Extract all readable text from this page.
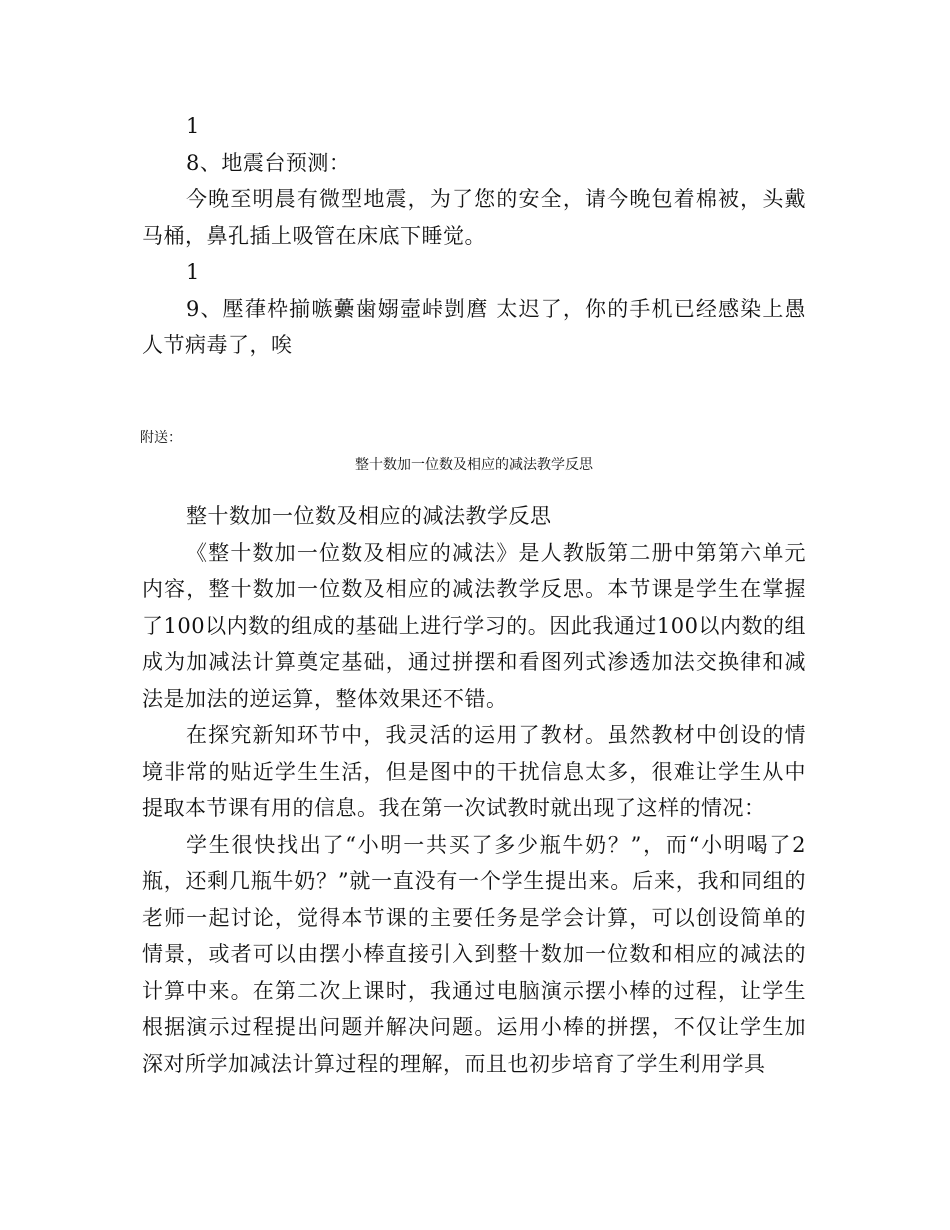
1

8、地震台预测：

今晚至明晨有微型地震，为了您的安全，请今晚包着棉被，头戴马桶，鼻孔插上吸管在床底下睡觉。

1

9、壓葎枠揃嗾虆歯嫋壼峠剴麿 太迟了，你的手机已经感染上愚人节病毒了，唉

附送：
整十数加一位数及相应的减法教学反思

整十数加一位数及相应的减法教学反思

《整十数加一位数及相应的减法》是人教版第二册中第第六单元内容，整十数加一位数及相应的减法教学反思。本节课是学生在掌握了100以内数的组成的基础上进行学习的。因此我通过100以内数的组成为加减法计算奠定基础，通过拼摆和看图列式渗透加法交换律和减法是加法的逆运算，整体效果还不错。

在探究新知环节中，我灵活的运用了教材。虽然教材中创设的情境非常的贴近学生生活，但是图中的干扰信息太多，很难让学生从中提取本节课有用的信息。我在第一次试教时就出现了这样的情况：

学生很快找出了“小明一共买了多少瓶牛奶？”，而“小明喝了2瓶，还剩几瓶牛奶？”就一直没有一个学生提出来。后来，我和同组的老师一起讨论，觉得本节课的主要任务是学会计算，可以创设简单的情景，或者可以由摆小棒直接引入到整十数加一位数和相应的减法的计算中来。在第二次上课时，我通过电脑演示摆小棒的过程，让学生根据演示过程提出问题并解决问题。运用小棒的拼摆，不仅让学生加深对所学加减法计算过程的理解，而且也初步培育了学生利用学具
